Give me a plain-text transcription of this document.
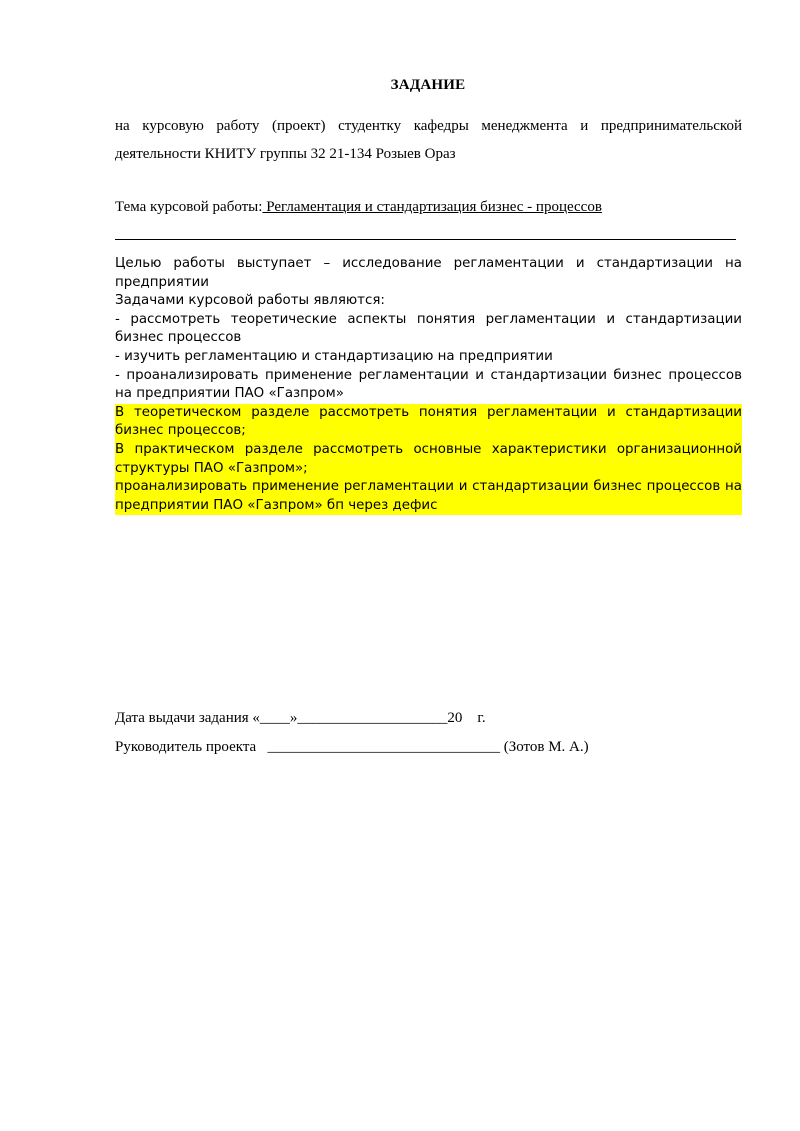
ЗАДАНИЕ
на курсовую работу (проект) студентку кафедры менеджмента и предпринимательской
деятельности КНИТУ группы 32 21-134 Розыев Ораз
Тема курсовой работы: Регламентация и стандартизация бизнес - процессов

Целью работы выступает – исследование регламентации и стандартизации на предприятии

Задачами курсовой работы являются:

- рассмотреть теоретические аспекты понятия регламентации и стандартизации бизнес процессов

- изучить регламентацию и стандартизацию на предприятии

- проанализировать применение регламентации и стандартизации бизнес процессов на предприятии ПАО «Газпром»

В теоретическом разделе рассмотреть понятия регламентации и стандартизации бизнес процессов;

В практическом разделе рассмотреть основные характеристики организационной структуры ПАО «Газпром»;

проанализировать применение регламентации и стандартизации бизнес процессов на предприятии ПАО «Газпром» бп через дефис

Дата выдачи задания «____»____________________20 г.
Руководитель проекта _______________________________ (Зотов М. А.)
